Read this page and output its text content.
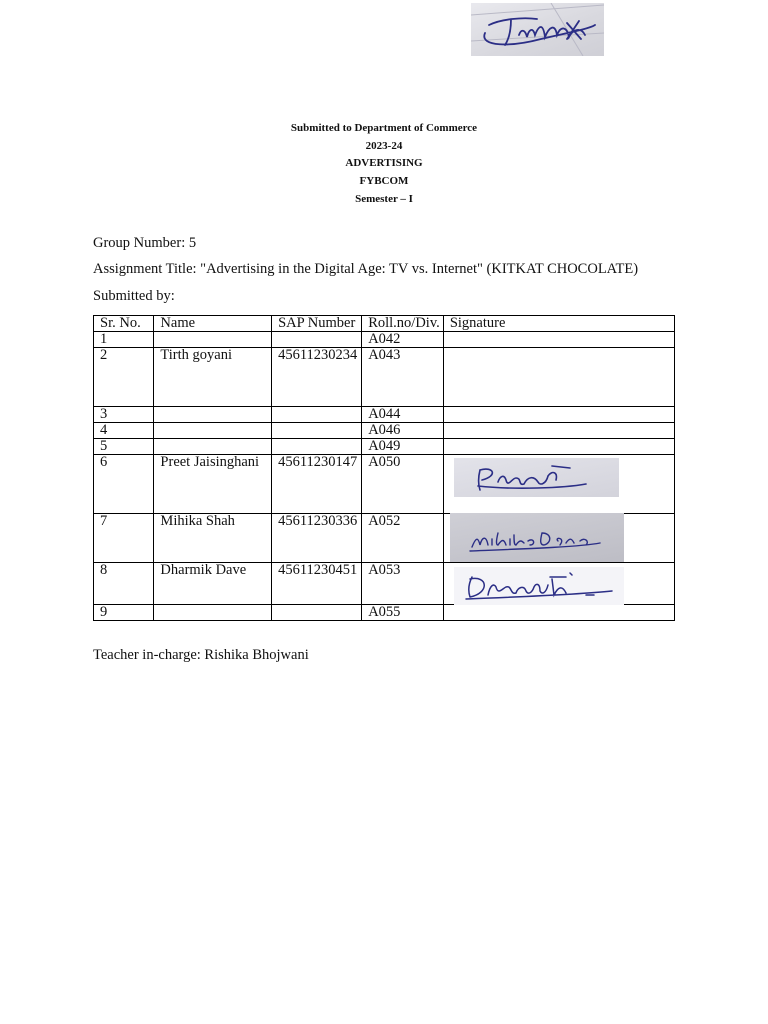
Submitted to Department of Commerce
2023-24
ADVERTISING
FYBCOM
Semester – I
Group Number: 5
Assignment Title: "Advertising in the Digital Age: TV vs. Internet" (KITKAT CHOCOLATE)
Submitted by:
Sr. No.	Name	SAP Number	Roll.no/Div.	Signature
1			A042	
2	Tirth goyani	45611230234	A043	
3			A044	
4			A046	
5			A049	
6	Preet Jaisinghani	45611230147	A050	

7	Mihika Shah	45611230336	A052	

8	Dharmik Dave	45611230451	A053	

9			A055	
Teacher in-charge: Rishika Bhojwani
